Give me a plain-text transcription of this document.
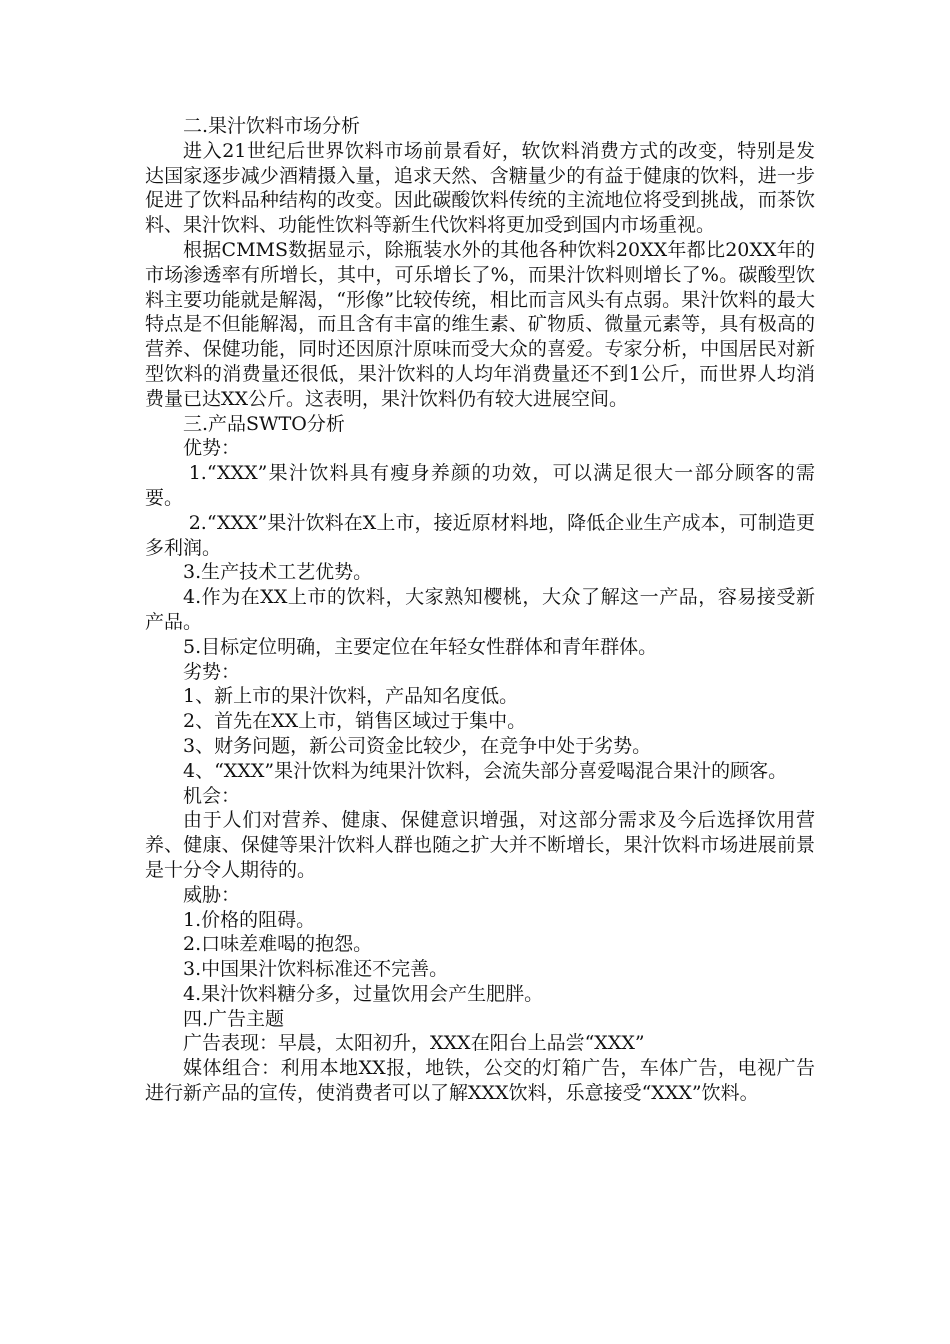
二.果汁饮料市场分析

进入21世纪后世界饮料市场前景看好，软饮料消费方式的改变，特别是发达国家逐步减少酒精摄入量，追求天然、含糖量少的有益于健康的饮料，进一步促进了饮料品种结构的改变。因此碳酸饮料传统的主流地位将受到挑战，而茶饮料、果汁饮料、功能性饮料等新生代饮料将更加受到国内市场重视。

根据CMMS数据显示，除瓶装水外的其他各种饮料20XX年都比20XX年的市场渗透率有所增长，其中，可乐增长了%，而果汁饮料则增长了%。碳酸型饮料主要功能就是解渴，“形像”比较传统，相比而言风头有点弱。果汁饮料的最大特点是不但能解渴，而且含有丰富的维生素、矿物质、微量元素等，具有极高的营养、保健功能，同时还因原汁原味而受大众的喜爱。专家分析，中国居民对新型饮料的消费量还很低，果汁饮料的人均年消费量还不到1公斤，而世界人均消费量已达XX公斤。这表明，果汁饮料仍有较大进展空间。

三.产品SWTO分析

优势：

1.“XXX”果汁饮料具有瘦身养颜的功效，可以满足很大一部分顾客的需要。

2.“XXX”果汁饮料在X上市，接近原材料地，降低企业生产成本，可制造更多利润。

3.生产技术工艺优势。

4.作为在XX上市的饮料，大家熟知樱桃，大众了解这一产品，容易接受新产品。

5.目标定位明确，主要定位在年轻女性群体和青年群体。

劣势：

1、新上市的果汁饮料，产品知名度低。

2、首先在XX上市，销售区域过于集中。

3、财务问题，新公司资金比较少，在竞争中处于劣势。

4、“XXX”果汁饮料为纯果汁饮料，会流失部分喜爱喝混合果汁的顾客。

机会：

由于人们对营养、健康、保健意识增强，对这部分需求及今后选择饮用营养、健康、保健等果汁饮料人群也随之扩大并不断增长，果汁饮料市场进展前景是十分令人期待的。

威胁：

1.价格的阻碍。

2.口味差难喝的抱怨。

3.中国果汁饮料标准还不完善。

4.果汁饮料糖分多，过量饮用会产生肥胖。

四.广告主题

广告表现：早晨，太阳初升，XXX在阳台上品尝“XXX”

媒体组合：利用本地XX报，地铁，公交的灯箱广告，车体广告，电视广告进行新产品的宣传，使消费者可以了解XXX饮料，乐意接受“XXX”饮料。
